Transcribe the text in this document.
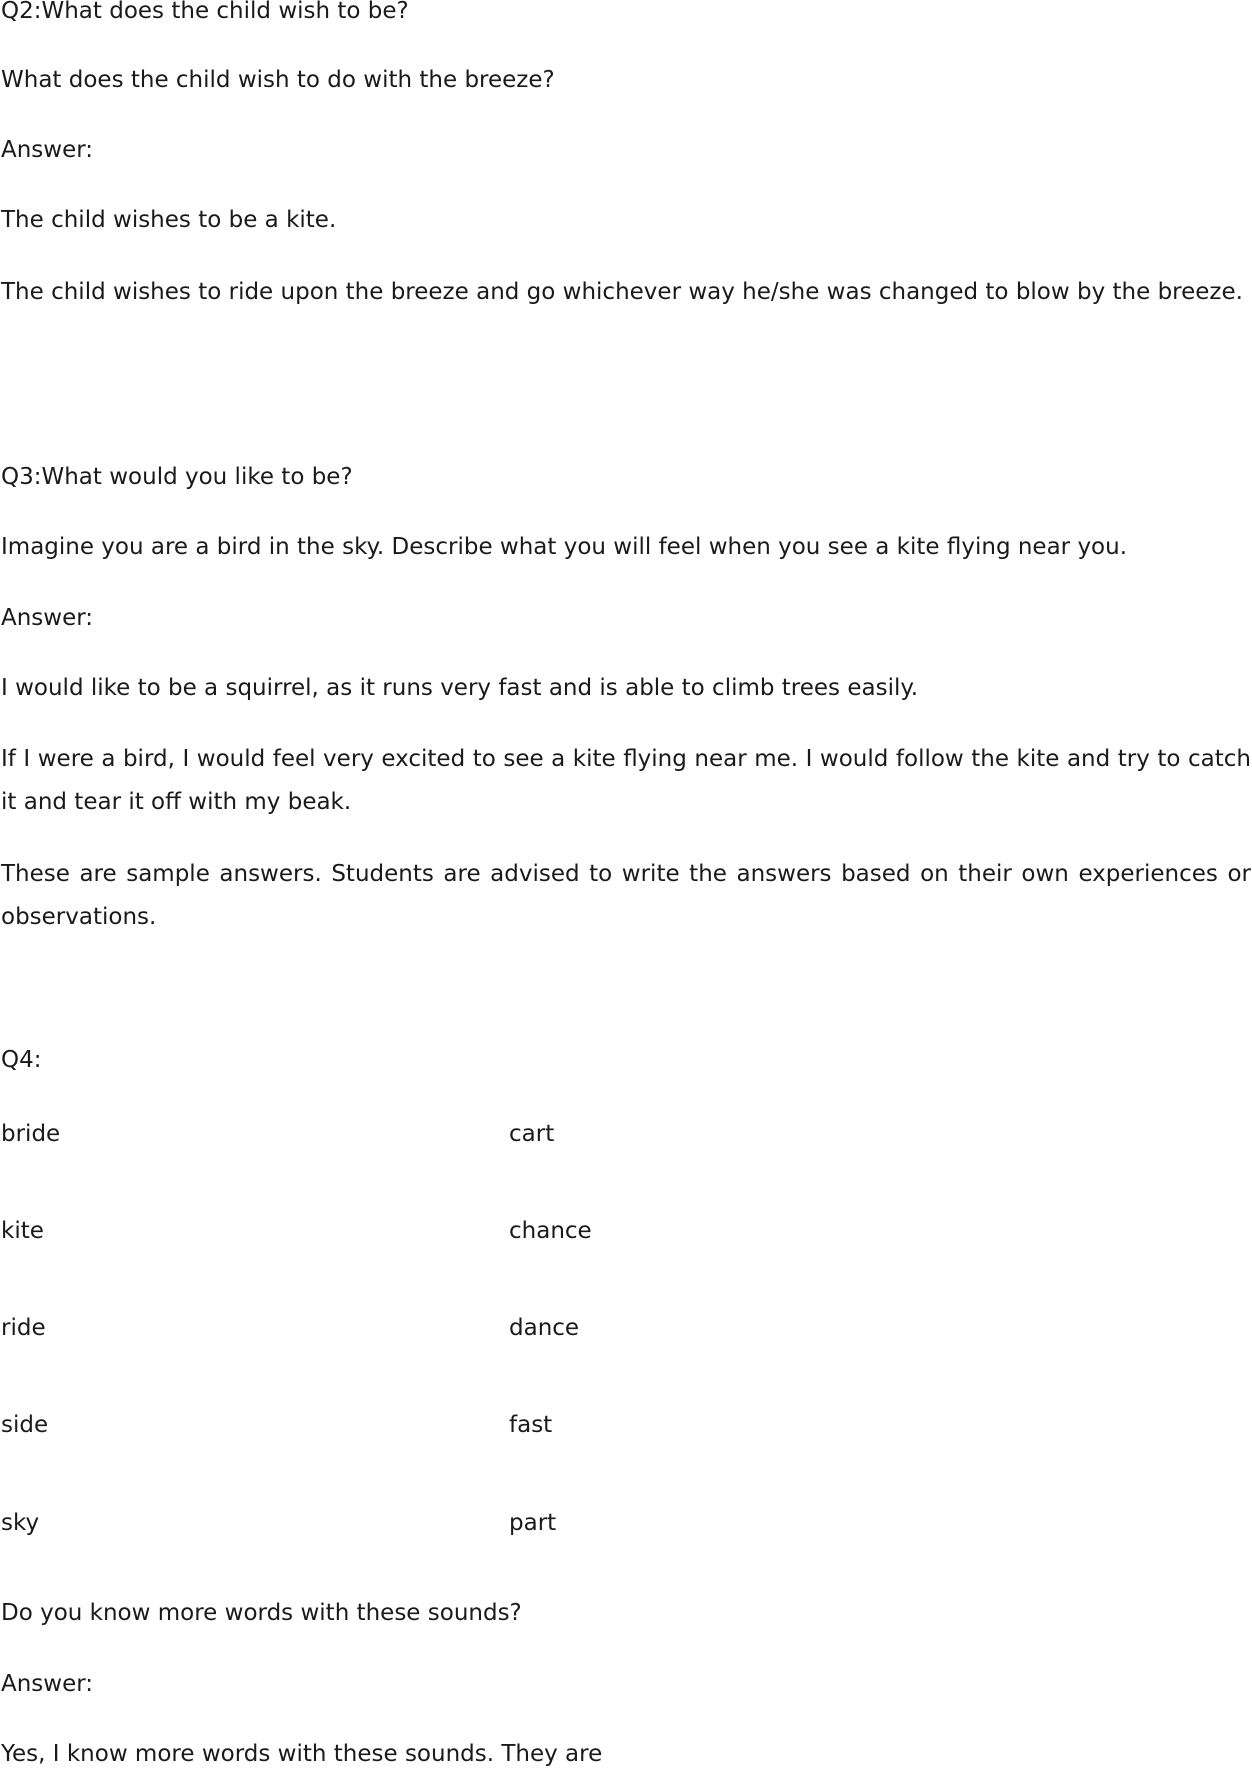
Q2:What does the child wish to be?
What does the child wish to do with the breeze?
Answer:
The child wishes to be a kite.
The child wishes to ride upon the breeze and go whichever way he/she was changed to blow by the breeze.
Q3:What would you like to be?
Imagine you are a bird in the sky. Describe what you will feel when you see a kite flying near you.
Answer:
I would like to be a squirrel, as it runs very fast and is able to climb trees easily.
If I were a bird, I would feel very excited to see a kite flying near me. I would follow the kite and try to catch it and tear it off with my beak.
These are sample answers. Students are advised to write the answers based on their own experiences or observations.
Q4:
bride	cart
kite	chance
ride	dance
side	fast
sky	part
Do you know more words with these sounds?
Answer:
Yes, I know more words with these sounds. They are
